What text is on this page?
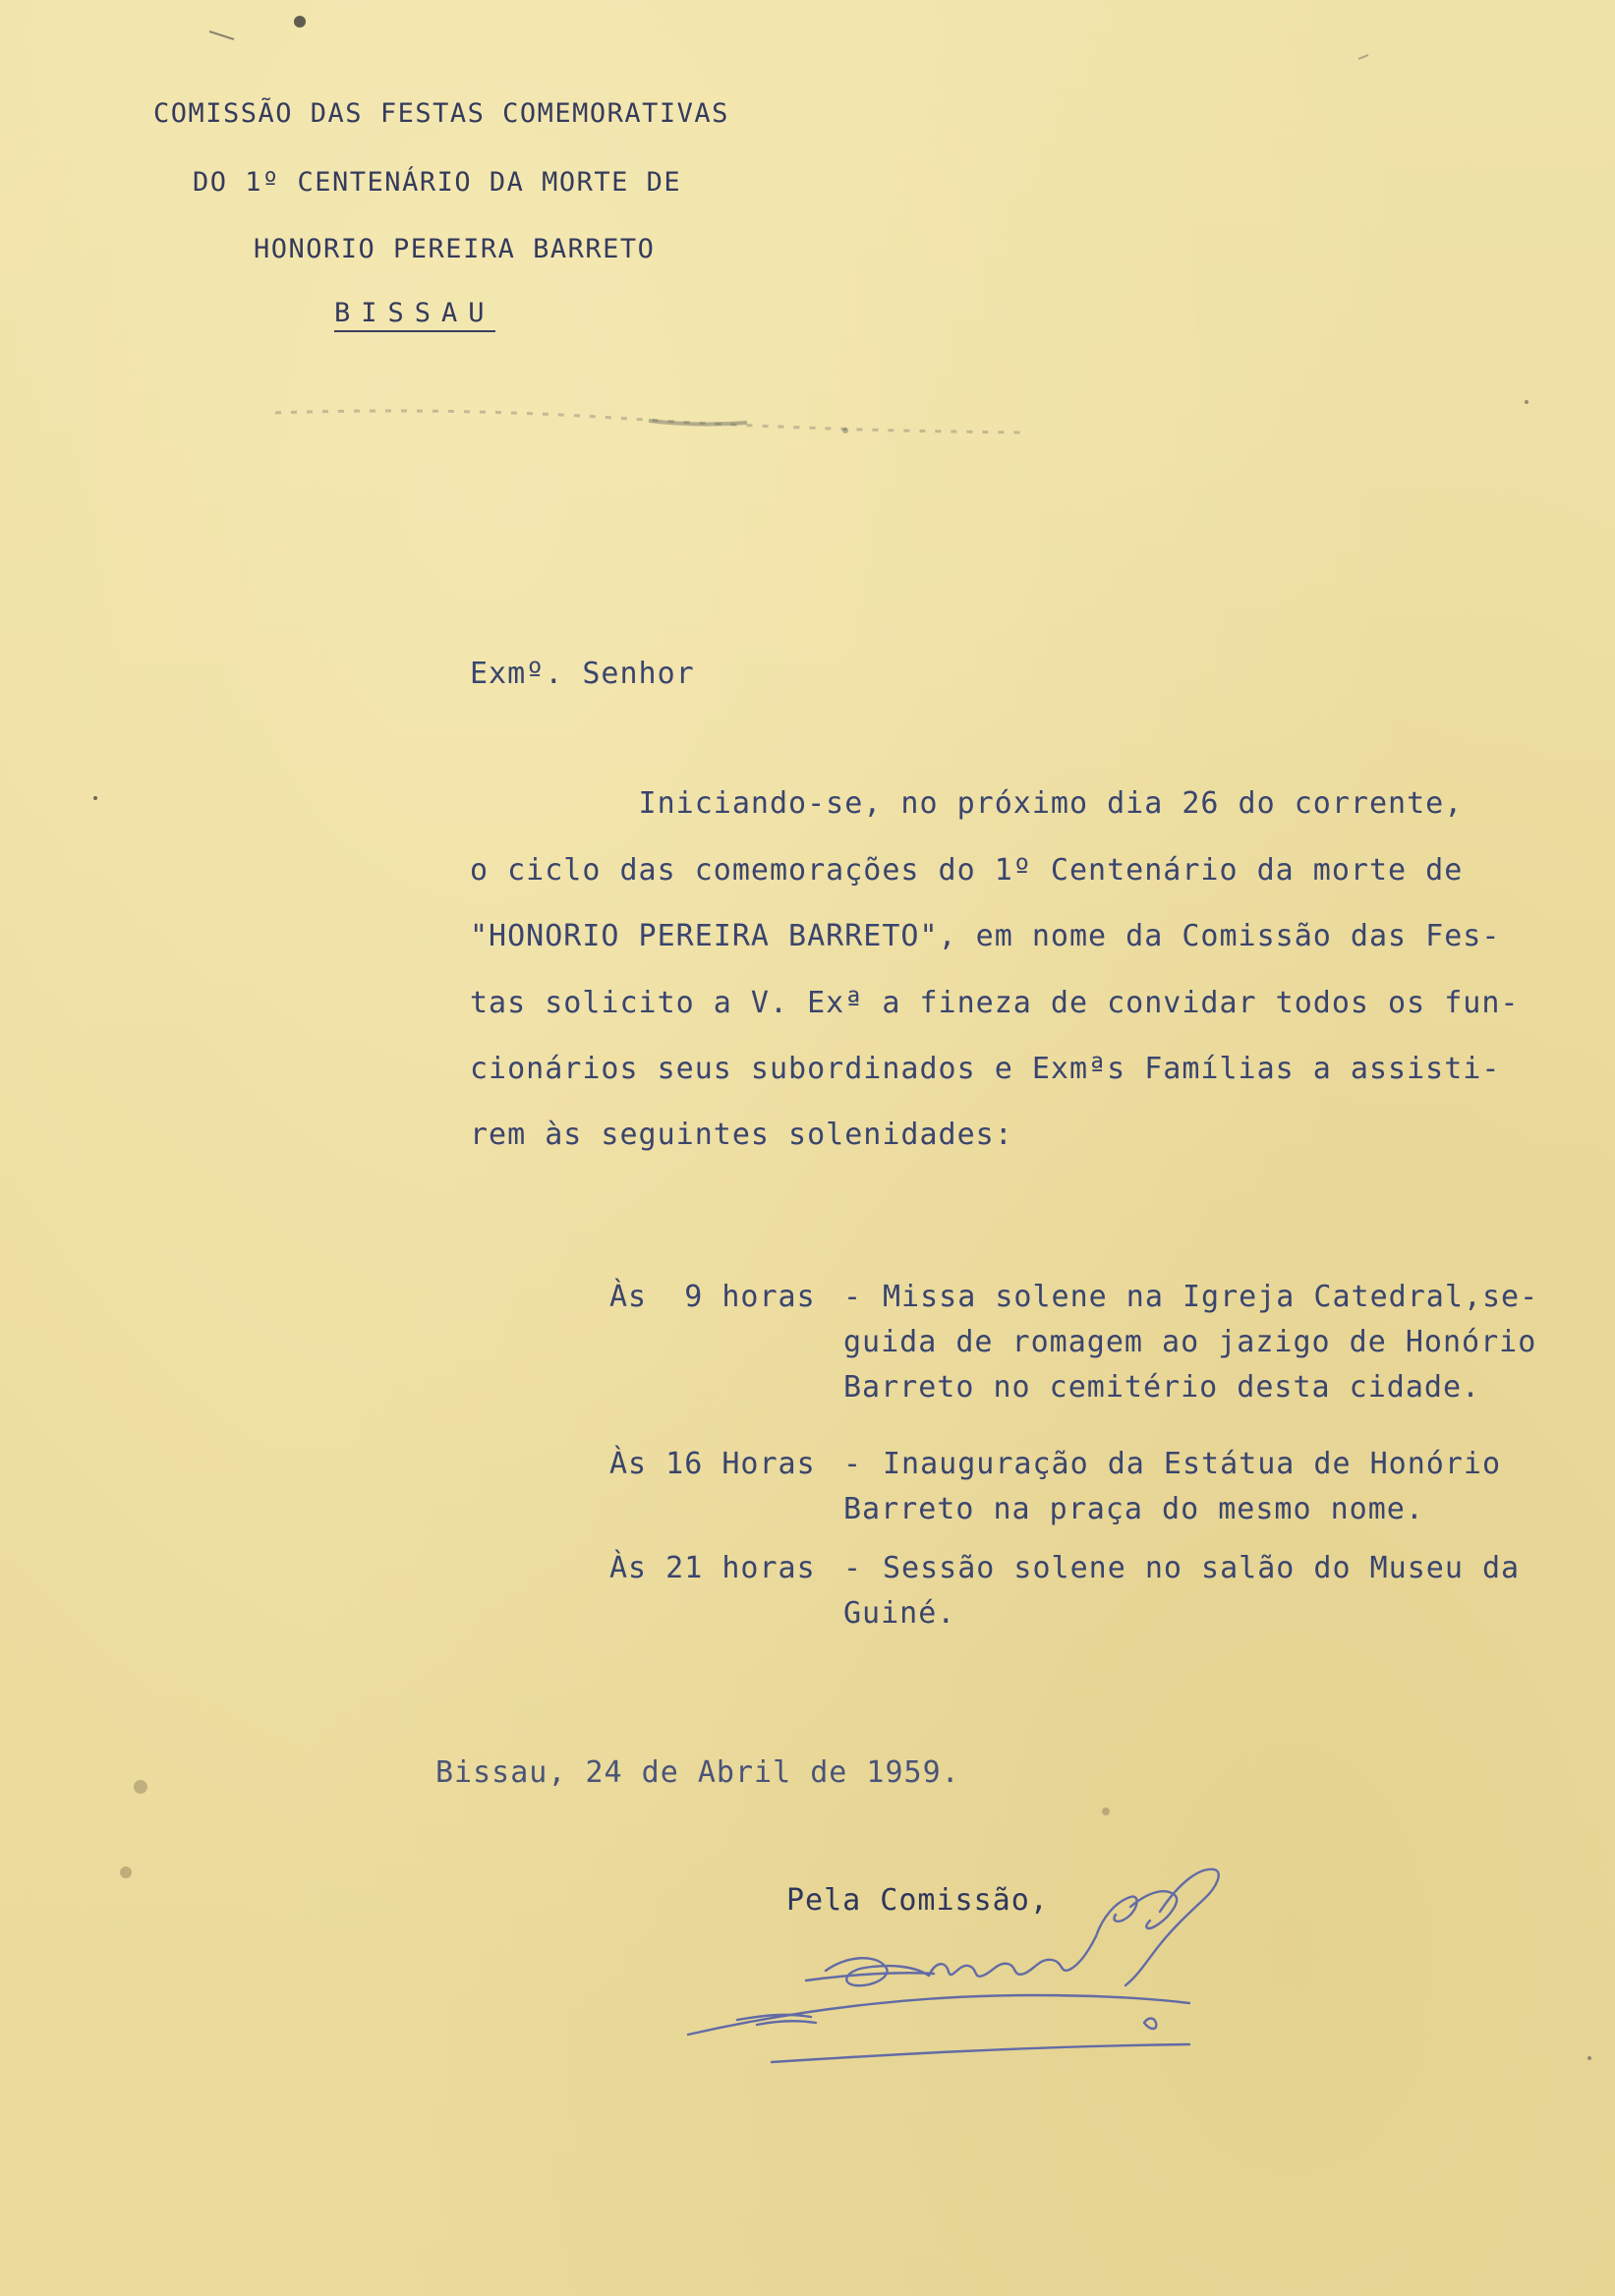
COMISSÃO DAS FESTAS COMEMORATIVAS
DO 1º CENTENÁRIO DA MORTE DE
HONORIO PEREIRA BARRETO
BISSAU
Exmº. Senhor
Iniciando-se, no próximo dia 26 do corrente,
o ciclo das comemorações do 1º Centenário da morte de
"HONORIO PEREIRA BARRETO", em nome da Comissão das Fes-
tas solicito a V. Exª a fineza de convidar todos os fun-
cionários seus subordinados e Exmªs Famílias a assisti-
rem às seguintes solenidades:
Às  9 horas - Missa solene na Igreja Catedral,se-
guida de romagem ao jazigo de Honório
Barreto no cemitério desta cidade.
Às 16 Horas - Inauguração da Estátua de Honório
Barreto na praça do mesmo nome.
Às 21 horas - Sessão solene no salão do Museu da
Guiné.
Bissau, 24 de Abril de 1959.
Pela Comissão,
